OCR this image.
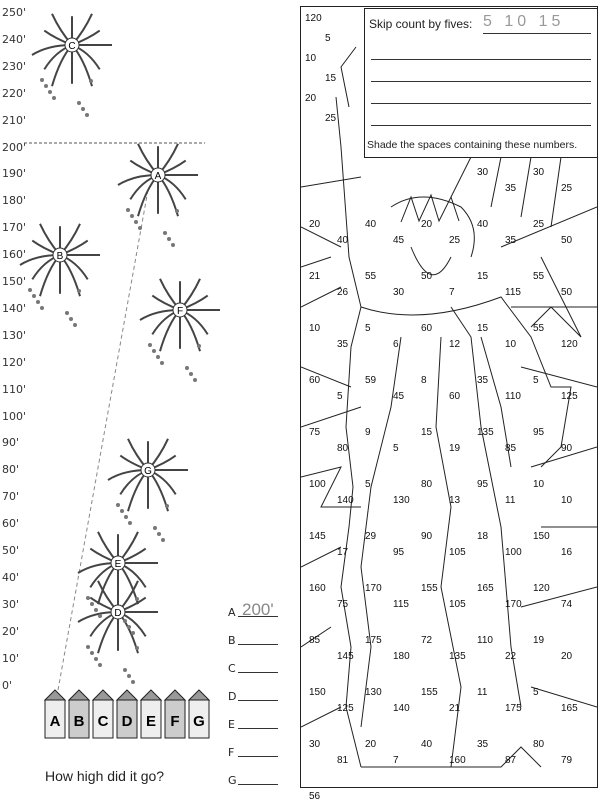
250'
240'
230'
220'
210'
200'
190'
180'
170'
160'
150'
140'
130'
120'
110'
100'
90'
80'
70'
60'
50'
40'
30'
20'
10'
0'
A
B
C
D
E
F
G
A B C D E F G
How high did it go?
A 200'
B
C
D
E
F
G
120
5
10
15
20
25
30
35
30
25
20
40
40
45
20
25
40
35
25
50
21
26
55
30
50
7
15
115
55
50
10
35
5
6
60
12
15
10
55
120
60
5
59
45
8
60
35
110
5
125
75
80
9
5
15
19
135
85
95
90
100
140
5
130
80
13
95
11
10
10
145
17
29
95
90
105
18
100
150
16
160
75
170
115
155
105
165
170
120
74
85
145
175
180
72
135
110
22
19
20
150
125
130
140
155
21
11
175
5
165
30
81
20
7
40
160
35
87
80
79
56
Skip count by fives: 5 10 15
Shade the spaces containing these numbers.
